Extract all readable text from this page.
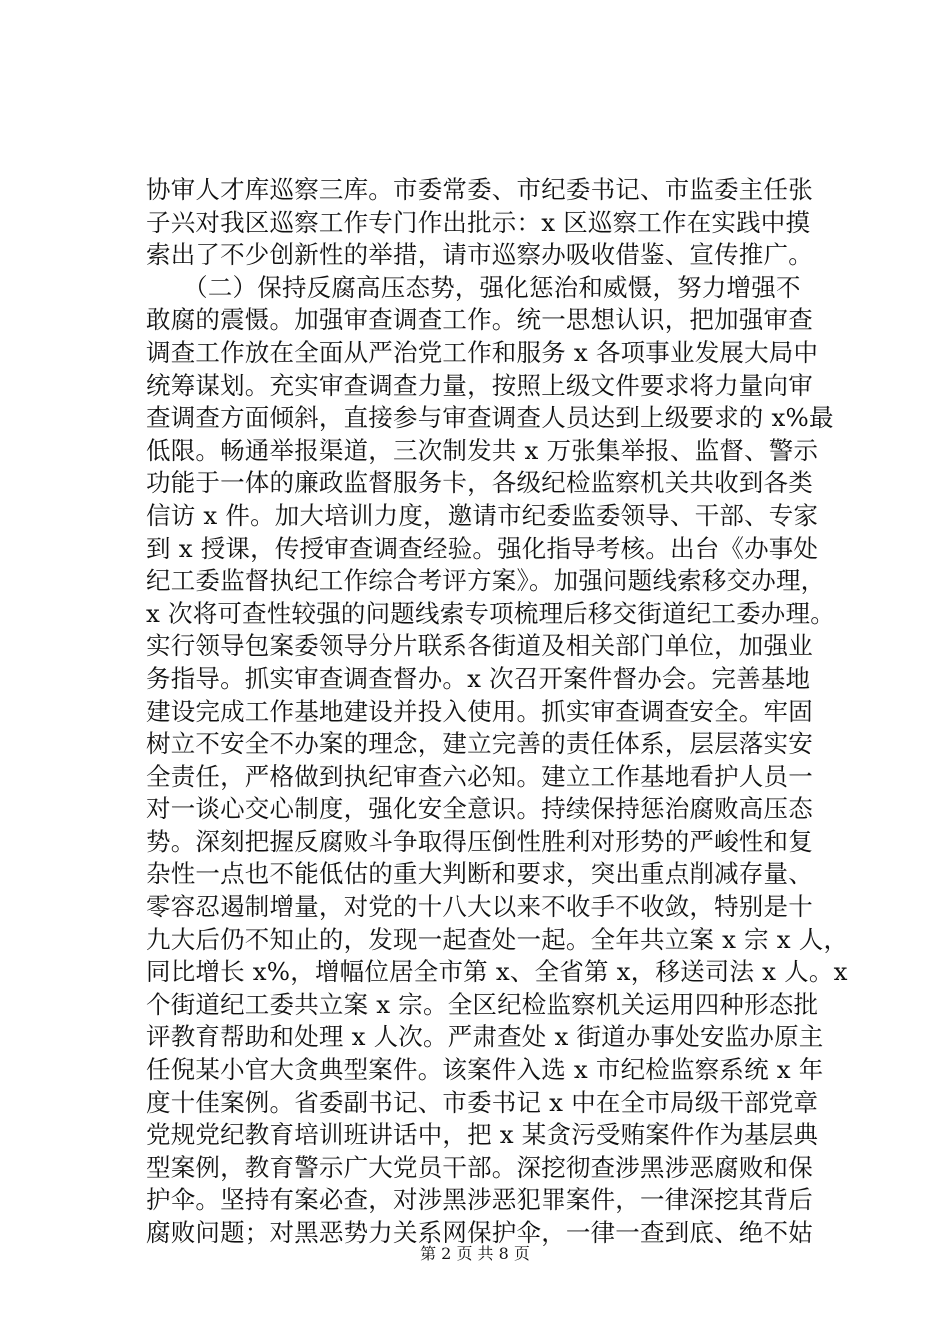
协审人才库巡察三库。市委常委、市纪委书记、市监委主任张
子兴对我区巡察工作专门作出批示：x 区巡察工作在实践中摸
索出了不少创新性的举措，请市巡察办吸收借鉴、宣传推广。
　　（二）保持反腐高压态势，强化惩治和威慑，努力增强不
敢腐的震慑。加强审查调查工作。统一思想认识，把加强审查
调查工作放在全面从严治党工作和服务 x 各项事业发展大局中
统筹谋划。充实审查调查力量，按照上级文件要求将力量向审
查调查方面倾斜，直接参与审查调查人员达到上级要求的 x%最
低限。畅通举报渠道，三次制发共 x 万张集举报、监督、警示
功能于一体的廉政监督服务卡，各级纪检监察机关共收到各类
信访 x 件。加大培训力度，邀请市纪委监委领导、干部、专家
到 x 授课，传授审查调查经验。强化指导考核。出台《办事处
纪工委监督执纪工作综合考评方案》。加强问题线索移交办理，
x 次将可查性较强的问题线索专项梳理后移交街道纪工委办理。
实行领导包案委领导分片联系各街道及相关部门单位，加强业
务指导。抓实审查调查督办。x 次召开案件督办会。完善基地
建设完成工作基地建设并投入使用。抓实审查调查安全。牢固
树立不安全不办案的理念，建立完善的责任体系，层层落实安
全责任，严格做到执纪审查六必知。建立工作基地看护人员一
对一谈心交心制度，强化安全意识。持续保持惩治腐败高压态
势。深刻把握反腐败斗争取得压倒性胜利对形势的严峻性和复
杂性一点也不能低估的重大判断和要求，突出重点削减存量、
零容忍遏制增量，对党的十八大以来不收手不收敛，特别是十
九大后仍不知止的，发现一起查处一起。全年共立案 x 宗 x 人，
同比增长 x%，增幅位居全市第 x、全省第 x，移送司法 x 人。x
个街道纪工委共立案 x 宗。全区纪检监察机关运用四种形态批
评教育帮助和处理 x 人次。严肃查处 x 街道办事处安监办原主
任倪某小官大贪典型案件。该案件入选 x 市纪检监察系统 x 年
度十佳案例。省委副书记、市委书记 x 中在全市局级干部党章
党规党纪教育培训班讲话中，把 x 某贪污受贿案件作为基层典
型案例，教育警示广大党员干部。深挖彻查涉黑涉恶腐败和保
护伞。坚持有案必查，对涉黑涉恶犯罪案件，一律深挖其背后
腐败问题；对黑恶势力关系网保护伞，一律一查到底、绝不姑
第 2 页 共 8 页
